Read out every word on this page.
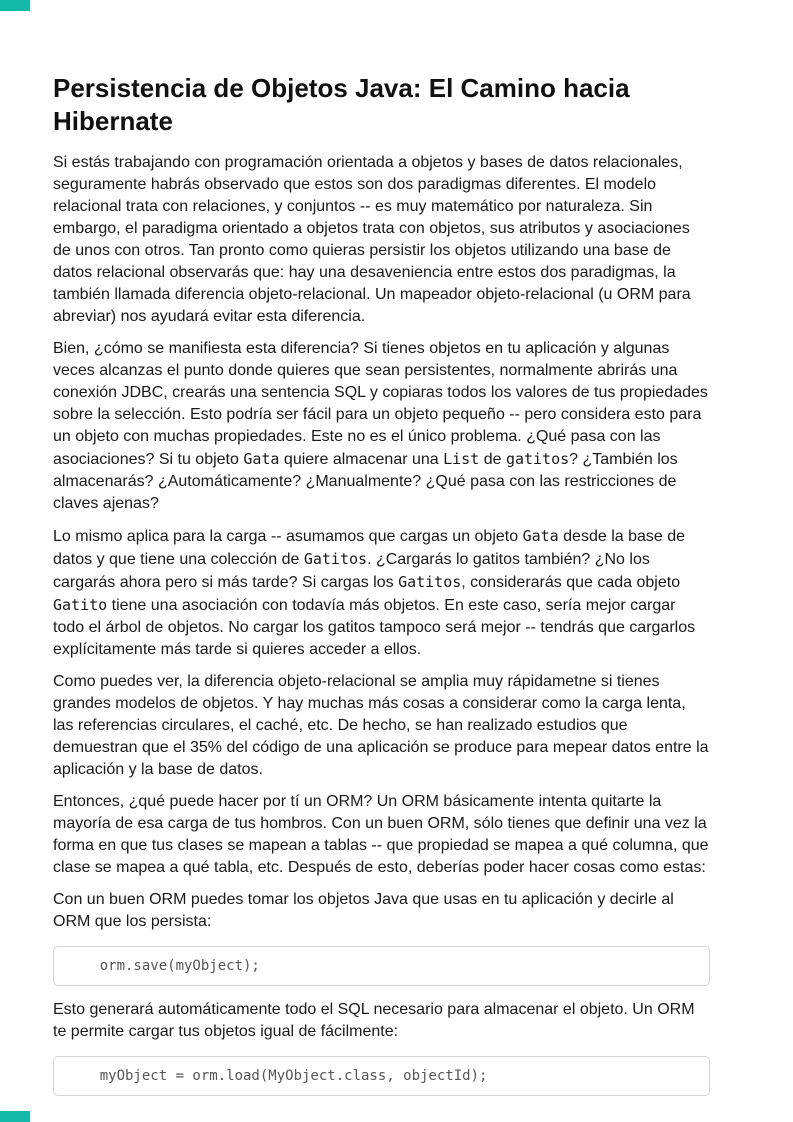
Persistencia de Objetos Java: El Camino hacia Hibernate

Si estás trabajando con programación orientada a objetos y bases de datos relacionales, seguramente habrás observado que estos son dos paradigmas diferentes. El modelo relacional trata con relaciones, y conjuntos -- es muy matemático por naturaleza. Sin embargo, el paradigma orientado a objetos trata con objetos, sus atributos y asociaciones de unos con otros. Tan pronto como quieras persistir los objetos utilizando una base de datos relacional observarás que: hay una desaveniencia entre estos dos paradigmas, la también llamada diferencia objeto-relacional. Un mapeador objeto-relacional (u ORM para abreviar) nos ayudará evitar esta diferencia.

Bien, ¿cómo se manifiesta esta diferencia? Si tienes objetos en tu aplicación y algunas veces alcanzas el punto donde quieres que sean persistentes, normalmente abrirás una conexión JDBC, crearás una sentencia SQL y copiaras todos los valores de tus propiedades sobre la selección. Esto podría ser fácil para un objeto pequeño -- pero considera esto para un objeto con muchas propiedades. Este no es el único problema. ¿Qué pasa con las asociaciones? Si tu objeto Gata quiere almacenar una List de gatitos? ¿También los almacenarás? ¿Automáticamente? ¿Manualmente? ¿Qué pasa con las restricciones de claves ajenas?

Lo mismo aplica para la carga -- asumamos que cargas un objeto Gata desde la base de datos y que tiene una colección de Gatitos. ¿Cargarás lo gatitos también? ¿No los cargarás ahora pero si más tarde? Si cargas los Gatitos, considerarás que cada objeto Gatito tiene una asociación con todavía más objetos. En este caso, sería mejor cargar todo el árbol de objetos. No cargar los gatitos tampoco será mejor -- tendrás que cargarlos explícitamente más tarde si quieres acceder a ellos.

Como puedes ver, la diferencia objeto-relacional se amplia muy rápidametne si tienes grandes modelos de objetos. Y hay muchas más cosas a considerar como la carga lenta, las referencias circulares, el caché, etc. De hecho, se han realizado estudios que demuestran que el 35% del código de una aplicación se produce para mepear datos entre la aplicación y la base de datos.

Entonces, ¿qué puede hacer por tí un ORM? Un ORM básicamente intenta quitarte la mayoría de esa carga de tus hombros. Con un buen ORM, sólo tienes que definir una vez la forma en que tus clases se mapean a tablas -- que propiedad se mapea a qué columna, que clase se mapea a qué tabla, etc. Después de esto, deberías poder hacer cosas como estas:

Con un buen ORM puedes tomar los objetos Java que usas en tu aplicación y decirle al ORM que los persista:

orm.save(myObject);

Esto generará automáticamente todo el SQL necesario para almacenar el objeto. Un ORM te permite cargar tus objetos igual de fácilmente:

myObject = orm.load(MyObject.class, objectId);
